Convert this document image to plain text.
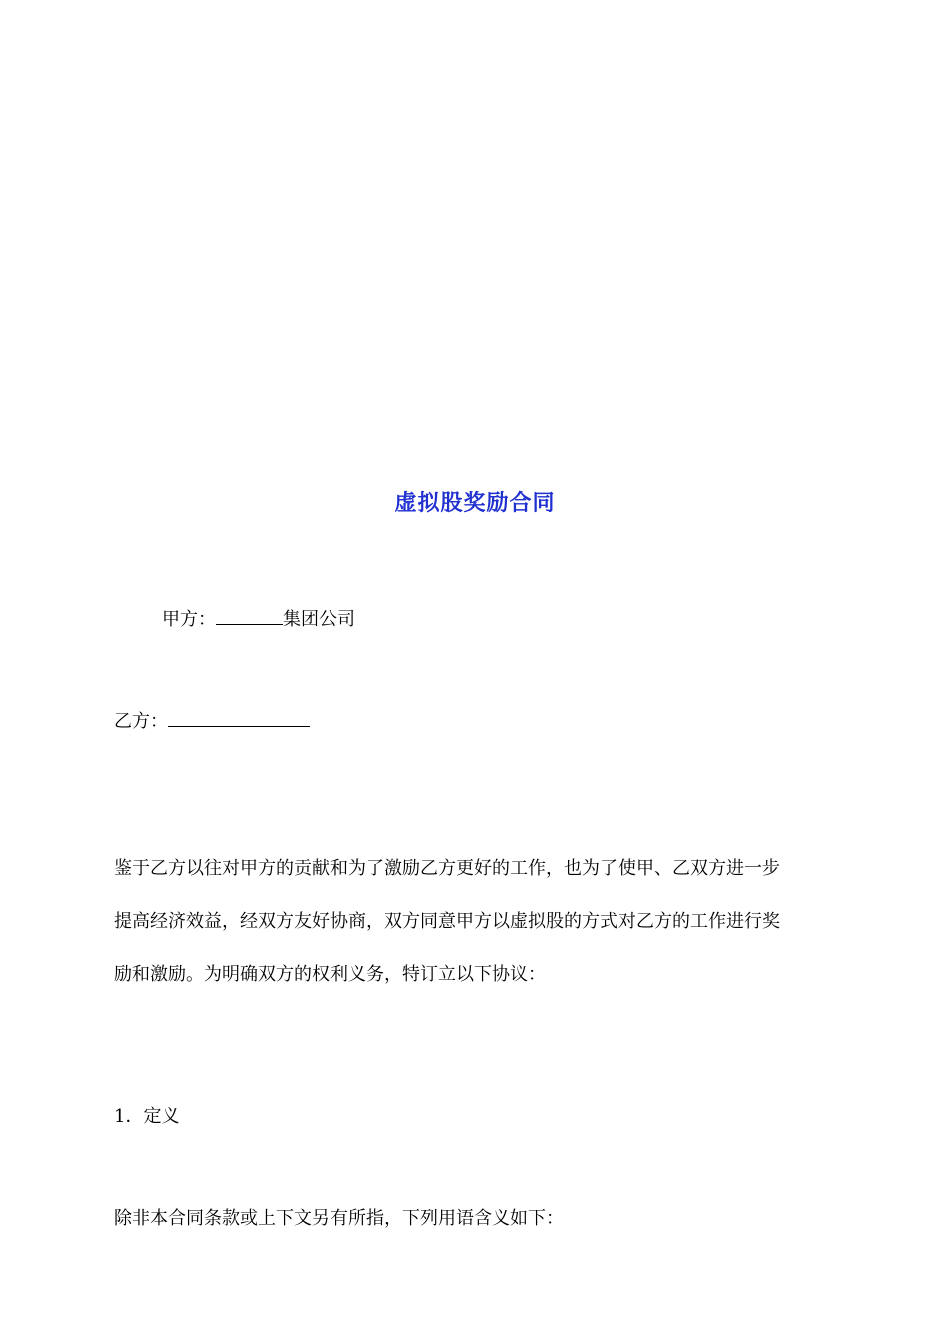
虚拟股奖励合同
甲方：	集团公司
乙方：
鉴于乙方以往对甲方的贡献和为了激励乙方更好的工作，也为了使甲、乙双方进一步
提高经济效益，经双方友好协商，双方同意甲方以虚拟股的方式对乙方的工作进行奖
励和激励。为明确双方的权利义务，特订立以下协议：
1．定义
除非本合同条款或上下文另有所指，下列用语含义如下：
